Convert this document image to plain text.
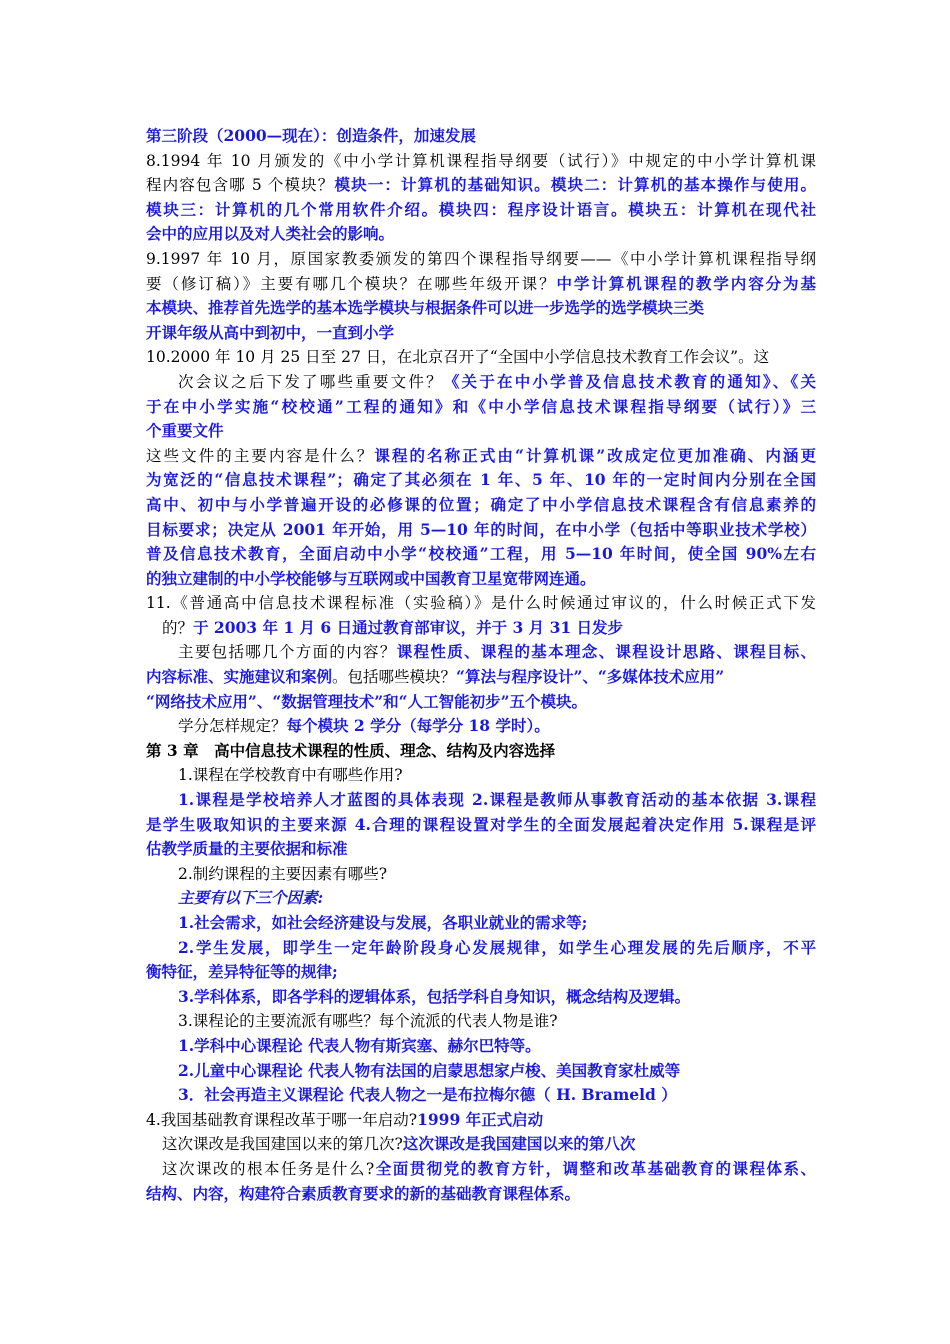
第三阶段（2000—现在）：创造条件，加速发展
8.1994 年 10 月颁发的《中小学计算机课程指导纲要（试行）》中规定的中小学计算机课
程内容包含哪 5 个模块？模块一：计算机的基础知识。模块二：计算机的基本操作与使用。
模块三：计算机的几个常用软件介绍。模块四：程序设计语言。模块五：计算机在现代社
会中的应用以及对人类社会的影响。
9.1997 年 10 月，原国家教委颁发的第四个课程指导纲要——《中小学计算机课程指导纲
要（修订稿）》主要有哪几个模块？在哪些年级开课？中学计算机课程的教学内容分为基
本模块、推荐首先选学的基本选学模块与根据条件可以进一步选学的选学模块三类
开课年级从高中到初中，一直到小学
10.2000 年 10 月 25 日至 27 日，在北京召开了“全国中小学信息技术教育工作会议”。这
次会议之后下发了哪些重要文件？《关于在中小学普及信息技术教育的通知》、《关
于在中小学实施“校校通”工程的通知》和《中小学信息技术课程指导纲要（试行）》三
个重要文件
这些文件的主要内容是什么？课程的名称正式由“计算机课”改成定位更加准确、内涵更
为宽泛的“信息技术课程”；确定了其必须在 1 年、5 年、10 年的一定时间内分别在全国
高中、初中与小学普遍开设的必修课的位置；确定了中小学信息技术课程含有信息素养的
目标要求；决定从 2001 年开始，用 5—10 年的时间，在中小学（包括中等职业技术学校）
普及信息技术教育，全面启动中小学“校校通”工程，用 5—10 年时间，使全国 90%左右
的独立建制的中小学校能够与互联网或中国教育卫星宽带网连通。
11.《普通高中信息技术课程标准（实验稿）》是什么时候通过审议的，什么时候正式下发
的？于 2003 年 1 月 6 日通过教育部审议，并于 3 月 31 日发步
主要包括哪几个方面的内容？课程性质、课程的基本理念、课程设计思路、课程目标、
内容标准、实施建议和案例。包括哪些模块？“算法与程序设计”、“多媒体技术应用”
“网络技术应用”、“数据管理技术”和“人工智能初步”五个模块。
学分怎样规定？每个模块 2 学分（每学分 18 学时）。
第 3 章　高中信息技术课程的性质、理念、结构及内容选择
1.课程在学校教育中有哪些作用?
1.课程是学校培养人才蓝图的具体表现 2.课程是教师从事教育活动的基本依据 3.课程
是学生吸取知识的主要来源 4.合理的课程设置对学生的全面发展起着决定作用 5.课程是评
估教学质量的主要依据和标准
2.制约课程的主要因素有哪些?
主要有以下三个因素:
1.社会需求，如社会经济建设与发展，各职业就业的需求等;
2.学生发展，即学生一定年龄阶段身心发展规律，如学生心理发展的先后顺序，不平
衡特征，差异特征等的规律;
3.学科体系，即各学科的逻辑体系，包括学科自身知识，概念结构及逻辑。
3.课程论的主要流派有哪些？每个流派的代表人物是谁?
1.学科中心课程论 代表人物有斯宾塞、赫尔巴特等。
2.儿童中心课程论 代表人物有法国的启蒙思想家卢梭、美国教育家杜威等
3．社会再造主义课程论 代表人物之一是布拉梅尔德（ H. Brameld ）
4.我国基础教育课程改革于哪一年启动?1999 年正式启动
这次课改是我国建国以来的第几次?这次课改是我国建国以来的第八次
这次课改的根本任务是什么?全面贯彻党的教育方针，调整和改革基础教育的课程体系、
结构、内容，构建符合素质教育要求的新的基础教育课程体系。
